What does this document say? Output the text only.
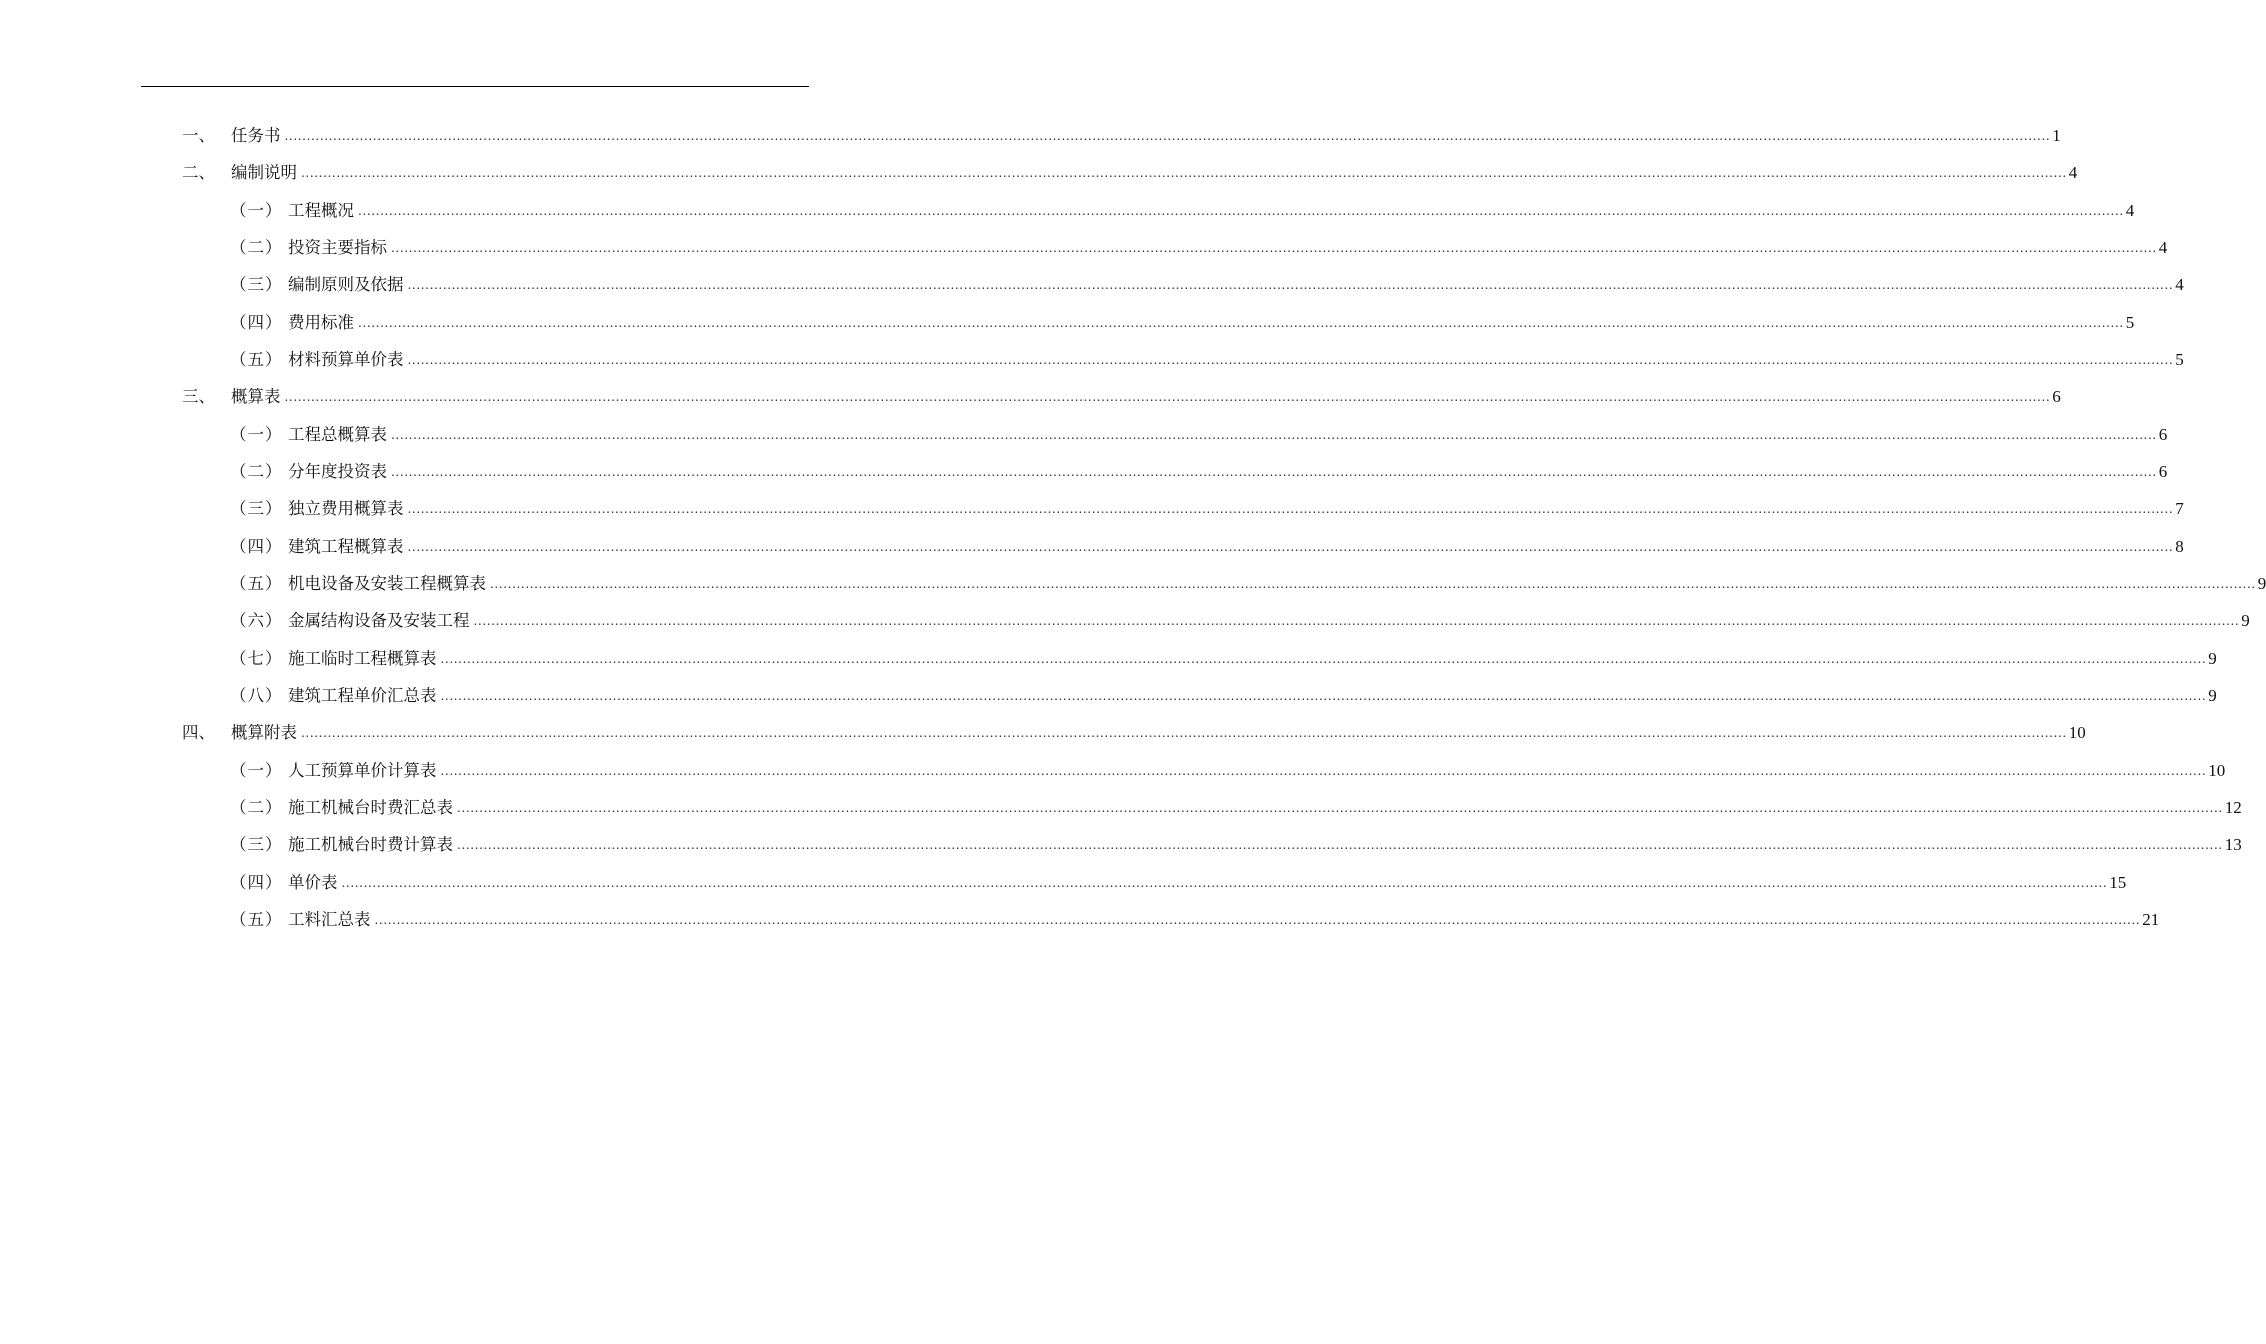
一、 任务书 ................................................................................................................................................................................................................................................................................................................................................................................................................ 1
二、 编制说明 ................................................................................................................................................................................................................................................................................................................................................................................................................ 4
（一） 工程概况 ................................................................................................................................................................................................................................................................................................................................................................................................................ 4
（二） 投资主要指标 ................................................................................................................................................................................................................................................................................................................................................................................................................ 4
（三） 编制原则及依据 ................................................................................................................................................................................................................................................................................................................................................................................................................ 4
（四） 费用标准 ................................................................................................................................................................................................................................................................................................................................................................................................................ 5
（五） 材料预算单价表 ................................................................................................................................................................................................................................................................................................................................................................................................................ 5
三、 概算表 ................................................................................................................................................................................................................................................................................................................................................................................................................ 6
（一） 工程总概算表 ................................................................................................................................................................................................................................................................................................................................................................................................................ 6
（二） 分年度投资表 ................................................................................................................................................................................................................................................................................................................................................................................................................ 6
（三） 独立费用概算表 ................................................................................................................................................................................................................................................................................................................................................................................................................ 7
（四） 建筑工程概算表 ................................................................................................................................................................................................................................................................................................................................................................................................................ 8
（五） 机电设备及安装工程概算表 ................................................................................................................................................................................................................................................................................................................................................................................................................ 9
（六） 金属结构设备及安装工程 ................................................................................................................................................................................................................................................................................................................................................................................................................ 9
（七） 施工临时工程概算表 ................................................................................................................................................................................................................................................................................................................................................................................................................ 9
（八） 建筑工程单价汇总表 ................................................................................................................................................................................................................................................................................................................................................................................................................ 9
四、 概算附表 ................................................................................................................................................................................................................................................................................................................................................................................................................ 10
（一） 人工预算单价计算表 ................................................................................................................................................................................................................................................................................................................................................................................................................ 10
（二） 施工机械台时费汇总表 ................................................................................................................................................................................................................................................................................................................................................................................................................ 12
（三） 施工机械台时费计算表 ................................................................................................................................................................................................................................................................................................................................................................................................................ 13
（四） 单价表 ................................................................................................................................................................................................................................................................................................................................................................................................................ 15
（五） 工料汇总表 ................................................................................................................................................................................................................................................................................................................................................................................................................ 21
